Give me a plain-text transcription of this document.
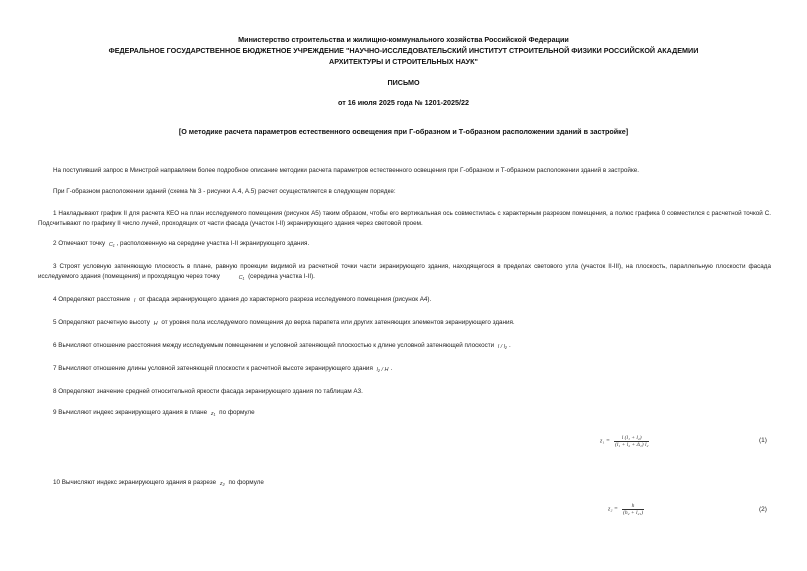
Министерство строительства и жилищно-коммунального хозяйства Российской Федерации
ФЕДЕРАЛЬНОЕ ГОСУДАРСТВЕННОЕ БЮДЖЕТНОЕ УЧРЕЖДЕНИЕ "НАУЧНО-ИССЛЕДОВАТЕЛЬСКИЙ ИНСТИТУТ СТРОИТЕЛЬНОЙ ФИЗИКИ РОССИЙСКОЙ АКАДЕМИИ
АРХИТЕКТУРЫ И СТРОИТЕЛЬНЫХ НАУК"
ПИСЬМО
от 16 июля 2025 года № 1201-2025/22
[О методике расчета параметров естественного освещения при Г-образном и Т-образном расположении зданий в застройке]
На поступивший запрос в Минстрой направляем более подробное описание методики расчета параметров естественного освещения при Г-образном и Т-образном расположении зданий в застройке.
При Г-образном расположении зданий (схема № 3 - рисунки А.4, А.5) расчет осуществляется в следующем порядке:
1 Накладывают график II для расчета КЕО на план исследуемого помещения (рисунок А5) таким образом, чтобы его вертикальная ось совместилась с характерным разрезом помещения, а полюс графика 0 совместился с расчетной точкой С. Подсчитывают по графику II число лучей, проходящих от части фасада (участок I-II) экранирующего здания через световой проем.
2 Отмечают точку C₁ , расположенную на середине участка I-II экранирующего здания.
3 Строят условную затеняющую плоскость в плане, равную проекции видимой из расчетной точки части экранирующего здания, находящегося в пределах светового угла (участок II-III), на плоскость, параллельную плоскости фасада исследуемого здания (помещения) и проходящую через точку	C₁ (середина участка I-II).
4 Определяют расстояние l от фасада экранирующего здания до характерного разреза исследуемого помещения (рисунок А4).
5 Определяют расчетную высоту H от уровня пола исследуемого помещения до верха парапета или других затеняющих элементов экранирующего здания.
6 Вычисляют отношение расстояния между исследуемым помещением и условной затеняющей плоскостью к длине условной затеняющей плоскости l / l₂ .
7 Вычисляют отношение длины условной затеняющей плоскости к расчетной высоте экранирующего здания l₂ / H .
8 Определяют значение средней относительной яркости фасада экранирующего здания по таблицам А3.
9 Вычисляют индекс экранирующего здания в плане z₁ по формуле
$z_1 = \frac{\text{l (l₁ + l₂)}}{\text{(l₁ + l₂ + Δ₁) l₂}}$	(1)
10 Вычисляют индекс экранирующего здания в разрезе z₂ по формуле
$z_2 = \frac{h}{\text{(h₂ + l₂₁)}}$	(2)
